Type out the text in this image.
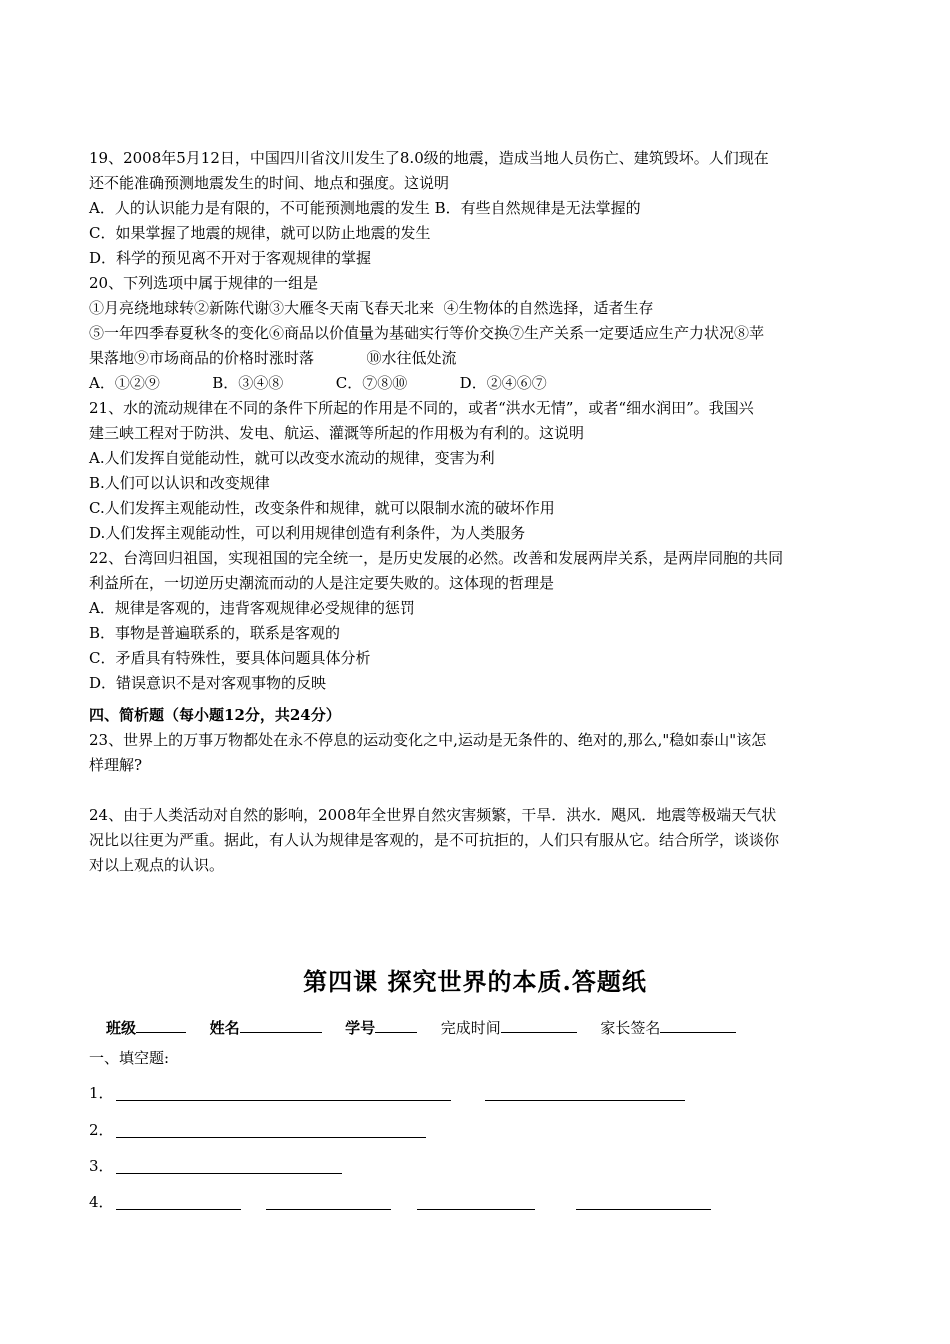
19、2008年5月12日，中国四川省汶川发生了8.0级的地震，造成当地人员伤亡、建筑毁坏。人们现在
还不能准确预测地震发生的时间、地点和强度。这说明
A．人的认识能力是有限的，不可能预测地震的发生 B．有些自然规律是无法掌握的
C．如果掌握了地震的规律，就可以防止地震的发生
D．科学的预见离不开对于客观规律的掌握
20、下列选项中属于规律的一组是
①月亮绕地球转②新陈代谢③大雁冬天南飞春天北来  ④生物体的自然选择，适者生存
⑤一年四季春夏秋冬的变化⑥商品以价值量为基础实行等价交换⑦生产关系一定要适应生产力状况⑧苹
果落地⑨市场商品的价格时涨时落           ⑩水往低处流
A．①②⑨           B．③④⑧           C．⑦⑧⑩           D．②④⑥⑦
21、水的流动规律在不同的条件下所起的作用是不同的，或者“洪水无情”，或者“细水润田”。我国兴
建三峡工程对于防洪、发电、航运、灌溉等所起的作用极为有利的。这说明
A.人们发挥自觉能动性，就可以改变水流动的规律，变害为利
B.人们可以认识和改变规律
C.人们发挥主观能动性，改变条件和规律，就可以限制水流的破坏作用
D.人们发挥主观能动性，可以利用规律创造有利条件，为人类服务
22、台湾回归祖国，实现祖国的完全统一，是历史发展的必然。改善和发展两岸关系，是两岸同胞的共同
利益所在，一切逆历史潮流而动的人是注定要失败的。这体现的哲理是
A．规律是客观的，违背客观规律必受规律的惩罚
B．事物是普遍联系的，联系是客观的
C．矛盾具有特殊性，要具体问题具体分析
D．错误意识不是对客观事物的反映
四、简析题（每小题12分，共24分）
23、世界上的万事万物都处在永不停息的运动变化之中,运动是无条件的、绝对的,那么,"稳如泰山"该怎
样理解?
24、由于人类活动对自然的影响，2008年全世界自然灾害频繁，干旱．洪水．飓风．地震等极端天气状
况比以往更为严重。据此，有人认为规律是客观的，是不可抗拒的，人们只有服从它。结合所学，谈谈你
对以上观点的认识。
第四课 探究世界的本质.答题纸
班级	姓名	学号	完成时间	家长签名
一、填空题:
1．
2．
3．
4．
